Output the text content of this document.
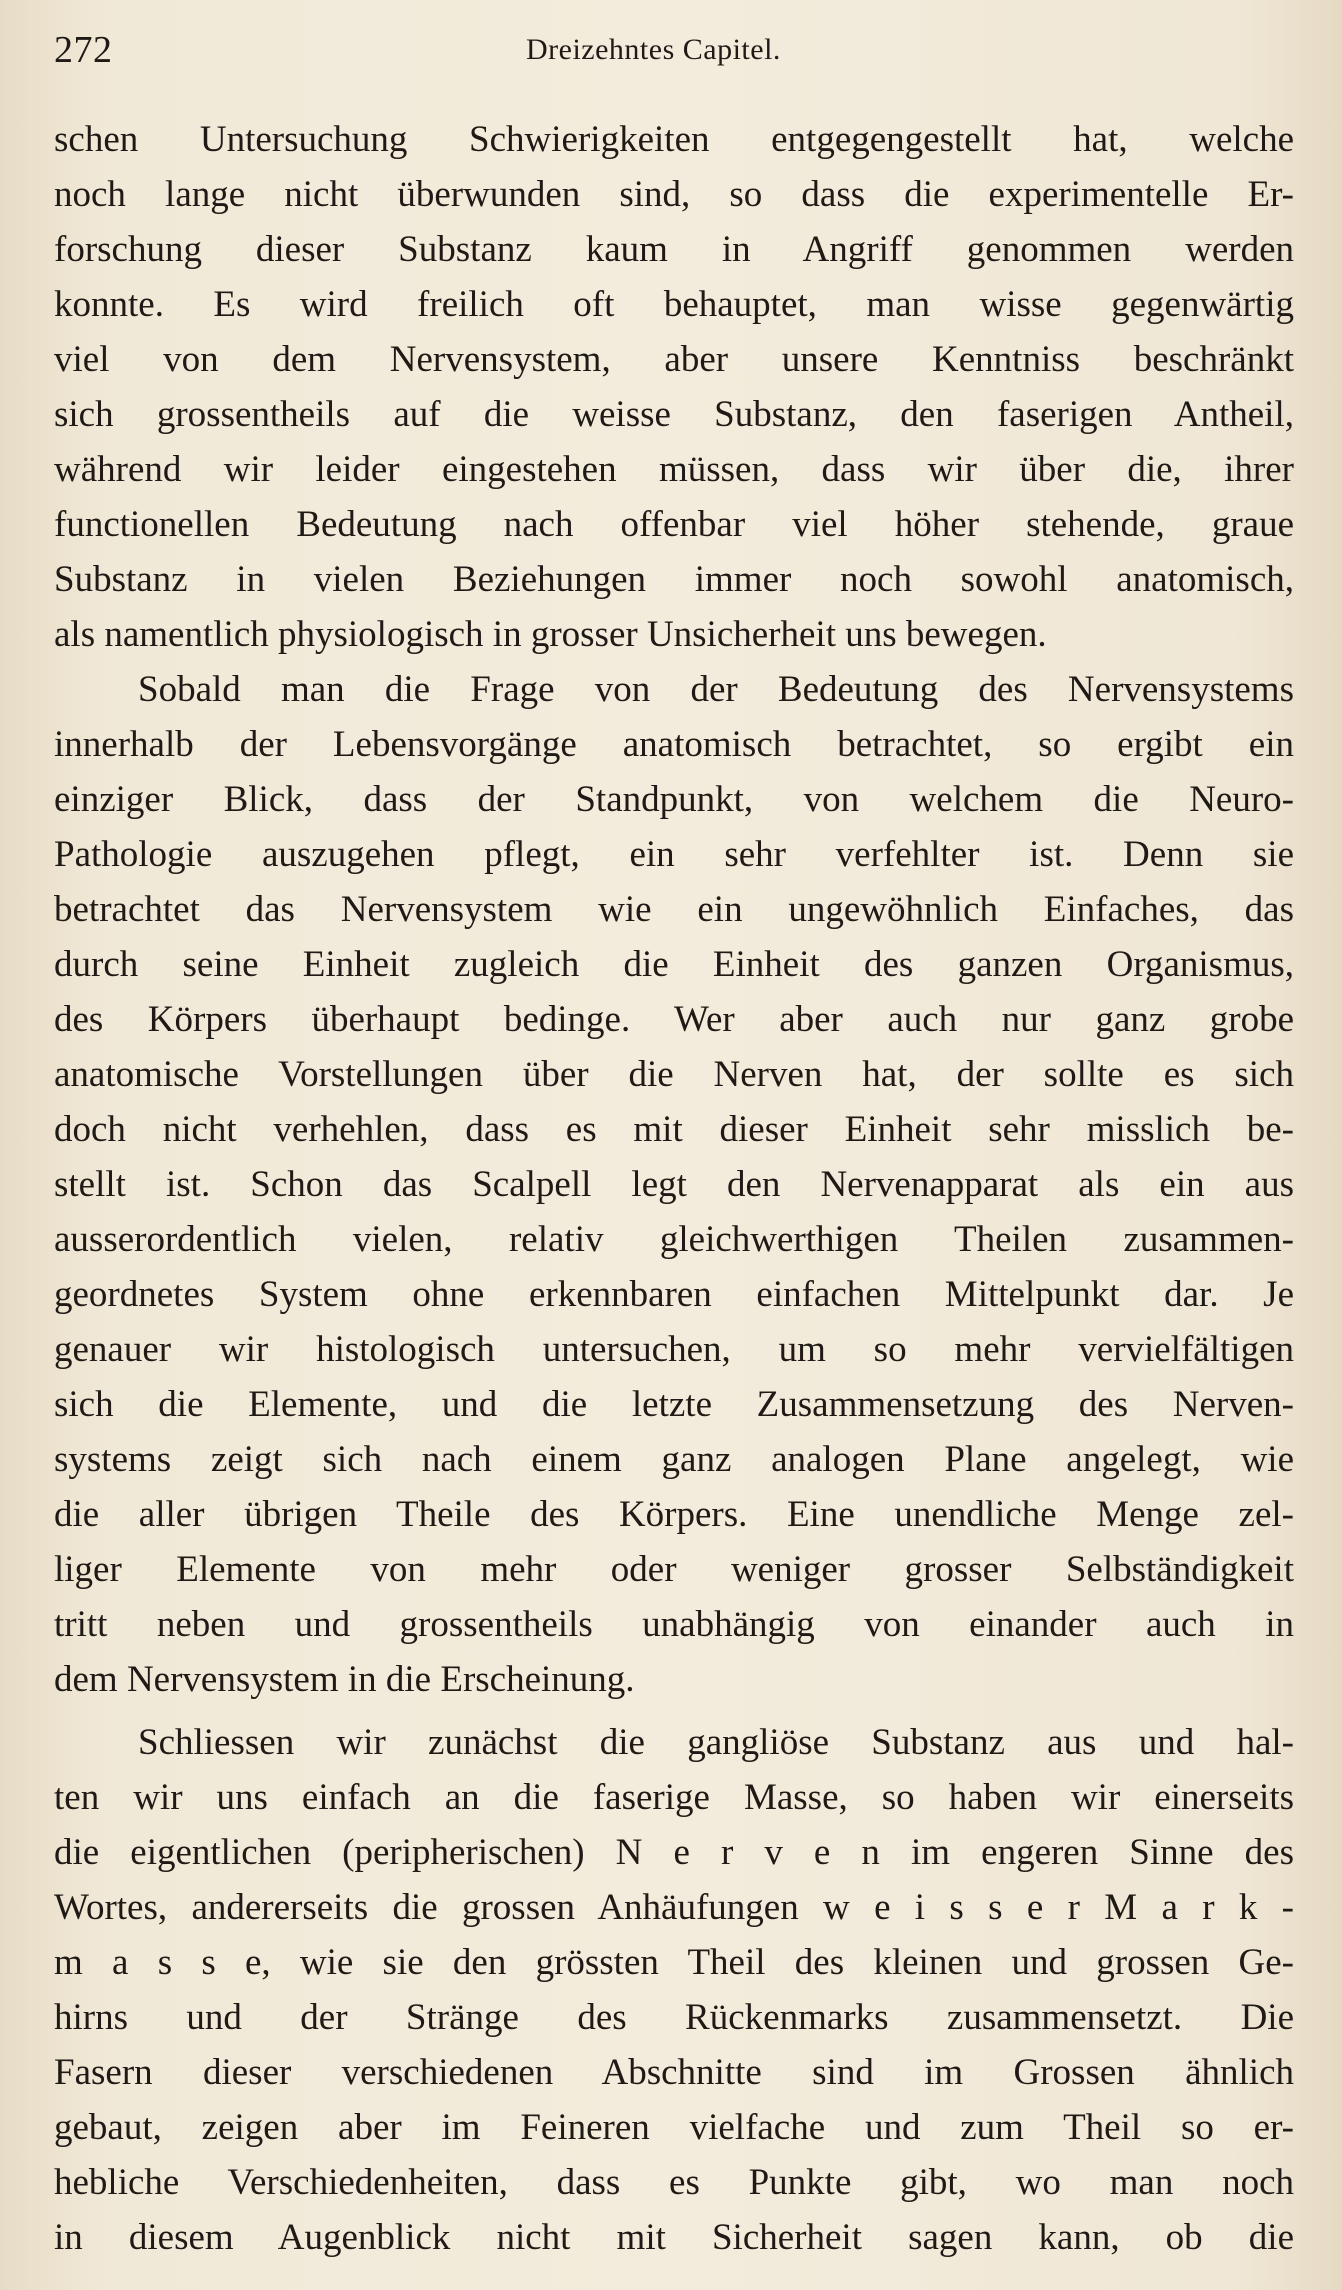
272	Dreizehntes Capitel.
schen Untersuchung Schwierigkeiten entgegengestellt hat, welche
noch lange nicht überwunden sind, so dass die experimentelle Er-
forschung dieser Substanz kaum in Angriff genommen werden
konnte. Es wird freilich oft behauptet, man wisse gegenwärtig
viel von dem Nervensystem, aber unsere Kenntniss beschränkt
sich grossentheils auf die weisse Substanz, den faserigen Antheil,
während wir leider eingestehen müssen, dass wir über die, ihrer
functionellen Bedeutung nach offenbar viel höher stehende, graue
Substanz in vielen Beziehungen immer noch sowohl anatomisch,
als namentlich physiologisch in grosser Unsicherheit uns bewegen.
Sobald man die Frage von der Bedeutung des Nervensystems
innerhalb der Lebensvorgänge anatomisch betrachtet, so ergibt ein
einziger Blick, dass der Standpunkt, von welchem die Neuro-
Pathologie auszugehen pflegt, ein sehr verfehlter ist. Denn sie
betrachtet das Nervensystem wie ein ungewöhnlich Einfaches, das
durch seine Einheit zugleich die Einheit des ganzen Organismus,
des Körpers überhaupt bedinge. Wer aber auch nur ganz grobe
anatomische Vorstellungen über die Nerven hat, der sollte es sich
doch nicht verhehlen, dass es mit dieser Einheit sehr misslich be-
stellt ist. Schon das Scalpell legt den Nervenapparat als ein aus
ausserordentlich vielen, relativ gleichwerthigen Theilen zusammen-
geordnetes System ohne erkennbaren einfachen Mittelpunkt dar. Je
genauer wir histologisch untersuchen, um so mehr vervielfältigen
sich die Elemente, und die letzte Zusammensetzung des Nerven-
systems zeigt sich nach einem ganz analogen Plane angelegt, wie
die aller übrigen Theile des Körpers. Eine unendliche Menge zel-
liger Elemente von mehr oder weniger grosser Selbständigkeit
tritt neben und grossentheils unabhängig von einander auch in
dem Nervensystem in die Erscheinung.
Schliessen wir zunächst die gangliöse Substanz aus und hal-
ten wir uns einfach an die faserige Masse, so haben wir einerseits
die eigentlichen (peripherischen) N e r v e n im engeren Sinne des
Wortes, andererseits die grossen Anhäufungen w e i s s e r M a r k -
m a s s e, wie sie den grössten Theil des kleinen und grossen Ge-
hirns und der Stränge des Rückenmarks zusammensetzt. Die
Fasern dieser verschiedenen Abschnitte sind im Grossen ähnlich
gebaut, zeigen aber im Feineren vielfache und zum Theil so er-
hebliche Verschiedenheiten, dass es Punkte gibt, wo man noch
in diesem Augenblick nicht mit Sicherheit sagen kann, ob die
